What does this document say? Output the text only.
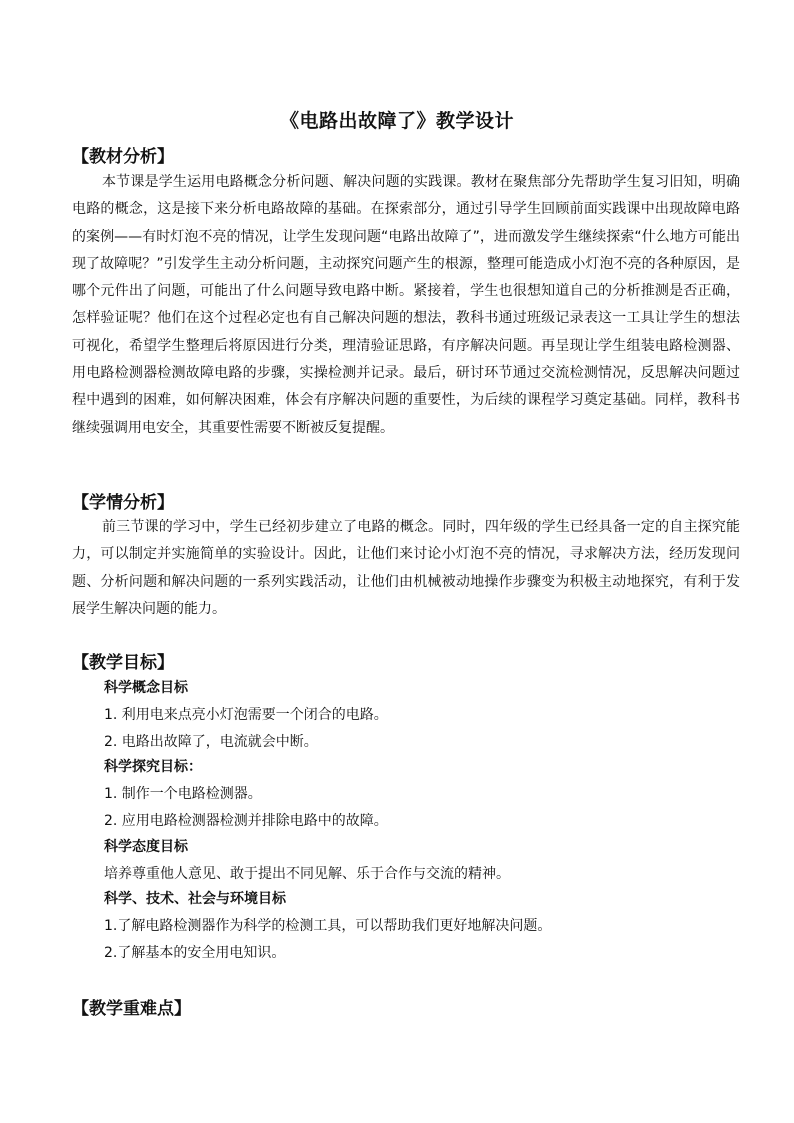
《电路出故障了》教学设计
【教材分析】

本节课是学生运用电路概念分析问题、解决问题的实践课。教材在聚焦部分先帮助学生复习旧知，明确电路的概念，这是接下来分析电路故障的基础。在探索部分，通过引导学生回顾前面实践课中出现故障电路的案例——有时灯泡不亮的情况，让学生发现问题“电路出故障了”，进而激发学生继续探索“什么地方可能出现了故障呢？”引发学生主动分析问题，主动探究问题产生的根源，整理可能造成小灯泡不亮的各种原因，是哪个元件出了问题，可能出了什么问题导致电路中断。紧接着，学生也很想知道自己的分析推测是否正确，怎样验证呢？他们在这个过程必定也有自己解决问题的想法，教科书通过班级记录表这一工具让学生的想法可视化，希望学生整理后将原因进行分类，理清验证思路，有序解决问题。再呈现让学生组装电路检测器、用电路检测器检测故障电路的步骤，实操检测并记录。最后，研讨环节通过交流检测情况，反思解决问题过程中遇到的困难，如何解决困难，体会有序解决问题的重要性，为后续的课程学习奠定基础。同样，教科书继续强调用电安全，其重要性需要不断被反复提醒。

【学情分析】

前三节课的学习中，学生已经初步建立了电路的概念。同时，四年级的学生已经具备一定的自主探究能力，可以制定并实施简单的实验设计。因此，让他们来讨论小灯泡不亮的情况，寻求解决方法，经历发现问题、分析问题和解决问题的一系列实践活动，让他们由机械被动地操作步骤变为积极主动地探究，有利于发展学生解决问题的能力。

【教学目标】
科学概念目标
1. 利用电来点亮小灯泡需要一个闭合的电路。
2. 电路出故障了，电流就会中断。
科学探究目标：
1. 制作一个电路检测器。
2. 应用电路检测器检测并排除电路中的故障。
科学态度目标
培养尊重他人意见、敢于提出不同见解、乐于合作与交流的精神。
科学、技术、社会与环境目标
1.了解电路检测器作为科学的检测工具，可以帮助我们更好地解决问题。
2.了解基本的安全用电知识。
【教学重难点】
